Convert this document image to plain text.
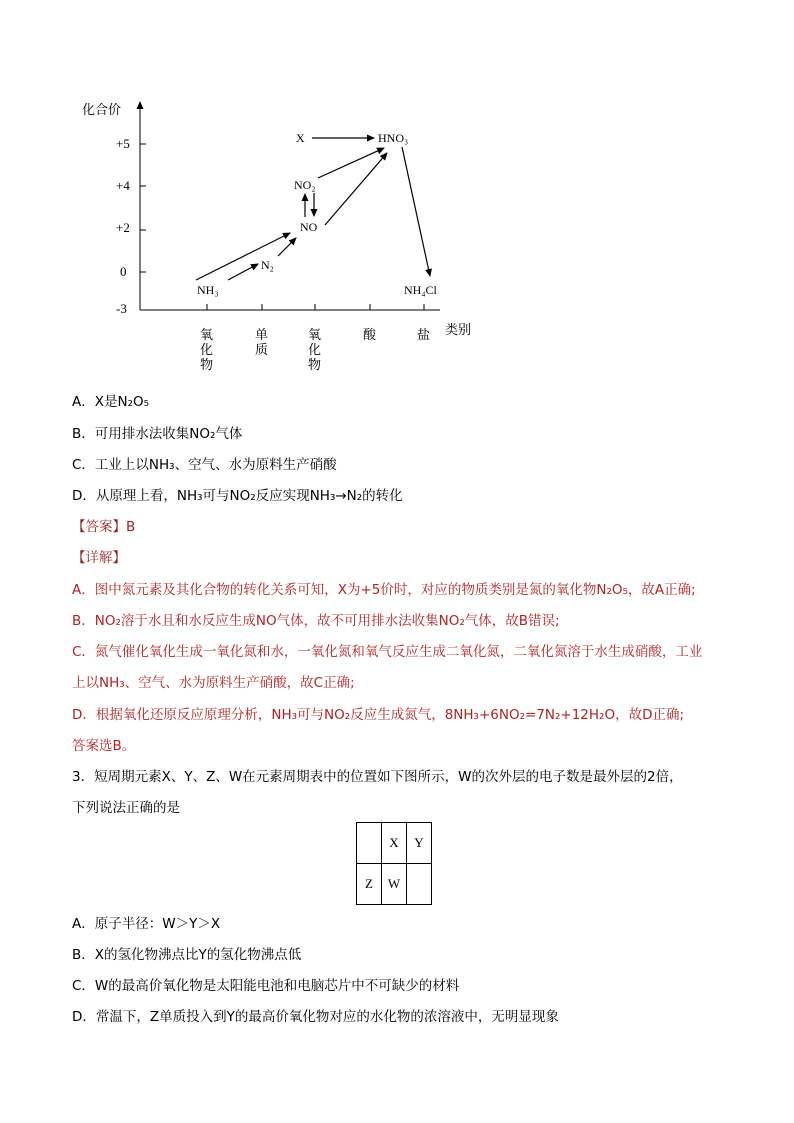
化合价
类别
+5
+4
+2
0
-3
氧
化
物
单
质
氧
化
物
酸	盐
X	HNO₃
NO₂
NO
N₂
NH₃	NH₄Cl
A．X是N₂O₅
B．可用排水法收集NO₂气体
C．工业上以NH₃、空气、水为原料生产硝酸
D．从原理上看，NH₃可与NO₂反应实现NH₃→N₂的转化
【答案】B
【详解】
A．图中氮元素及其化合物的转化关系可知，X为+5价时，对应的物质类别是氮的氧化物N₂O₅，故A正确;
B．NO₂溶于水且和水反应生成NO气体，故不可用排水法收集NO₂气体，故B错误;
C．氮气催化氧化生成一氧化氮和水，一氧化氮和氧气反应生成二氧化氮，二氧化氮溶于水生成硝酸，工业
上以NH₃、空气、水为原料生产硝酸，故C正确;
D．根据氧化还原反应原理分析，NH₃可与NO₂反应生成氮气，8NH₃+6NO₂=7N₂+12H₂O，故D正确;
答案选B。
3．短周期元素X、Y、Z、W在元素周期表中的位置如下图所示，W的次外层的电子数是最外层的2倍，
下列说法正确的是
	X	Y
Z	W	
A．原子半径：W＞Y＞X
B．X的氢化物沸点比Y的氢化物沸点低
C．W的最高价氧化物是太阳能电池和电脑芯片中不可缺少的材料
D．常温下，Z单质投入到Y的最高价氧化物对应的水化物的浓溶液中，无明显现象
